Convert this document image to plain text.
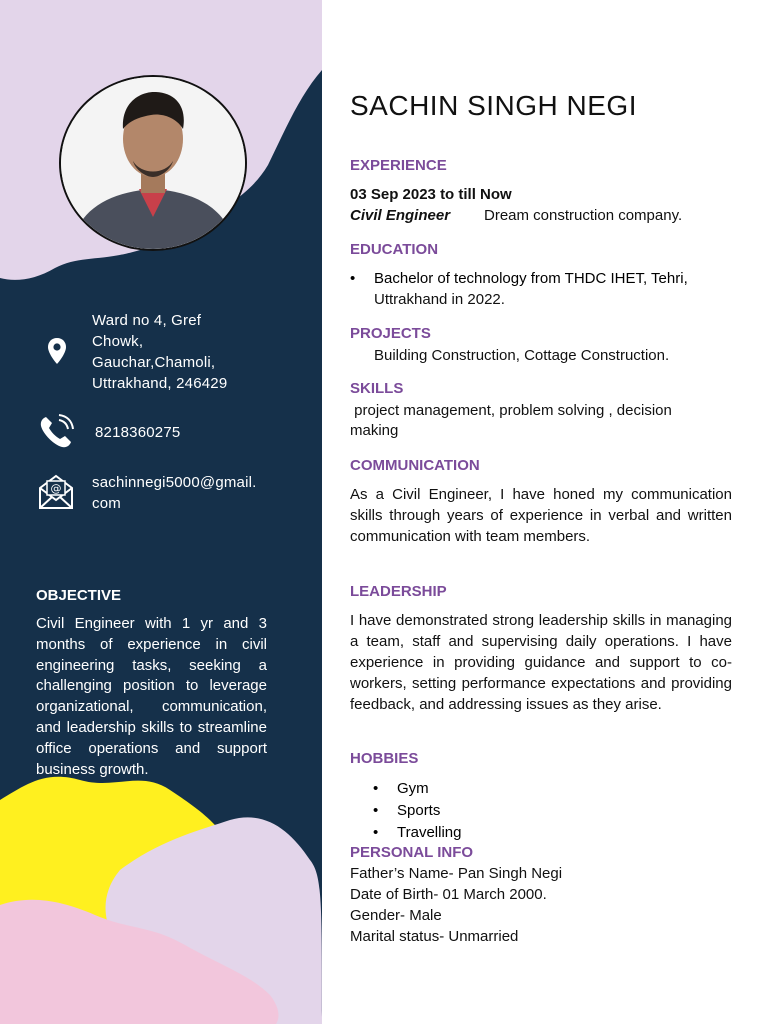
Ward no 4, Gref
Chowk,
Gauchar,Chamoli,
Uttrakhand, 246429
8218360275
@ sachinnegi5000@gmail.
com
OBJECTIVE
Civil Engineer with 1 yr and 3 months of experience in civil engineering tasks, seeking a challenging position to leverage organizational, communication, and leadership skills to streamline office operations and support business growth.
SACHIN SINGH NEGI
EXPERIENCE
03 Sep 2023 to till Now
Civil Engineer Dream construction company.
EDUCATION
• Bachelor of technology from THDC IHET, Tehri,
Uttrakhand in 2022.
PROJECTS
Building Construction, Cottage Construction.
SKILLS
project management, problem solving , decision
making
COMMUNICATION
As a Civil Engineer, I have honed my communication skills through years of experience in verbal and written communication with team members.
LEADERSHIP
I have demonstrated strong leadership skills in managing a team, staff and supervising daily operations. I have experience in providing guidance and support to co-workers, setting performance expectations and providing feedback, and addressing issues as they arise.
HOBBIES
• Gym
• Sports
• Travelling
PERSONAL INFO
Father’s Name- Pan Singh Negi
Date of Birth- 01 March 2000.
Gender- Male
Marital status- Unmarried
